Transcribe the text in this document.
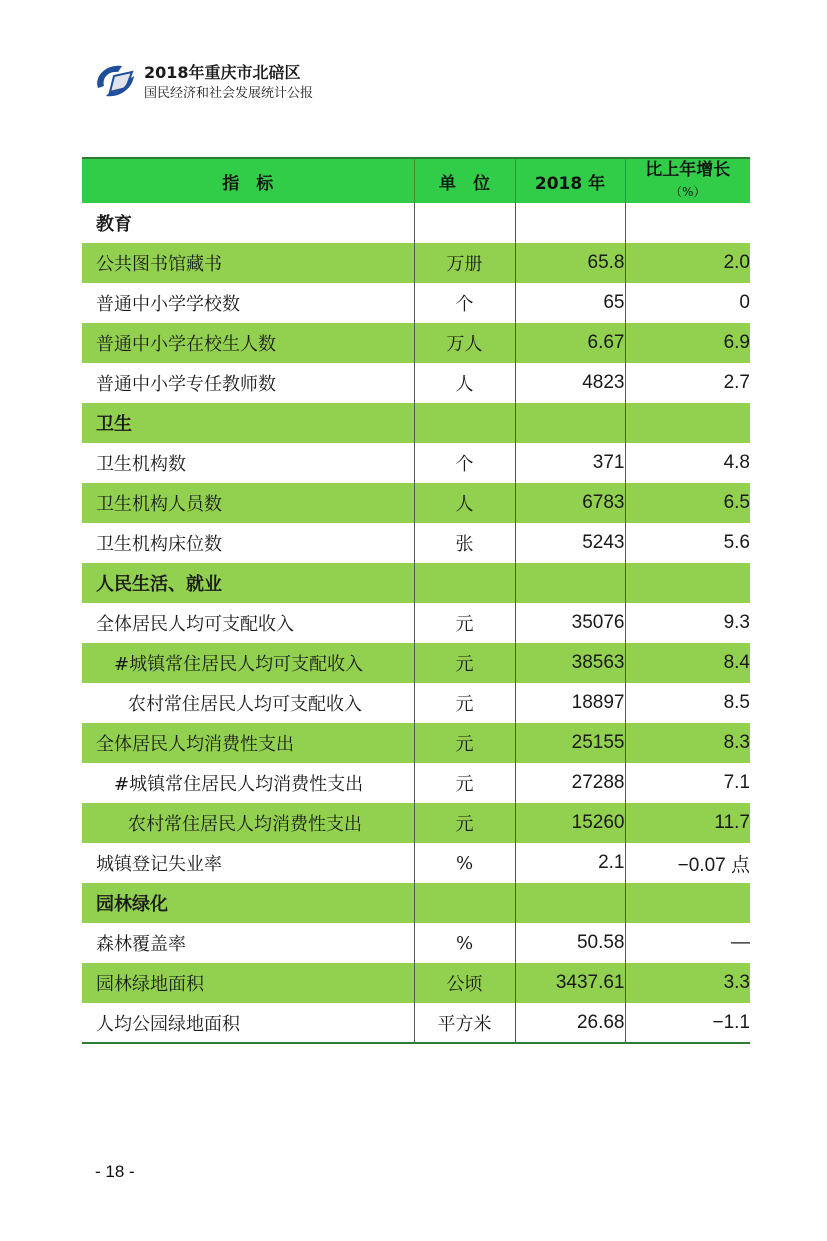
2018年重庆市北碚区
国民经济和社会发展统计公报
指　标	单　位	2018 年	比上年增长
（%）

教育			
公共图书馆藏书	万册	65.8	2.0
普通中小学学校数	个	65	0
普通中小学在校生人数	万人	6.67	6.9
普通中小学专任教师数	人	4823	2.7
卫生			
卫生机构数	个	371	4.8
卫生机构人员数	人	6783	6.5
卫生机构床位数	张	5243	5.6
人民生活、就业			
全体居民人均可支配收入	元	35076	9.3
#城镇常住居民人均可支配收入	元	38563	8.4
农村常住居民人均可支配收入	元	18897	8.5
全体居民人均消费性支出	元	25155	8.3
#城镇常住居民人均消费性支出	元	27288	7.1
农村常住居民人均消费性支出	元	15260	11.7
城镇登记失业率	%	2.1	−0.07 点
园林绿化			
森林覆盖率	%	50.58	—
园林绿地面积	公顷	3437.61	3.3
人均公园绿地面积	平方米	26.68	−1.1
- 18 -
